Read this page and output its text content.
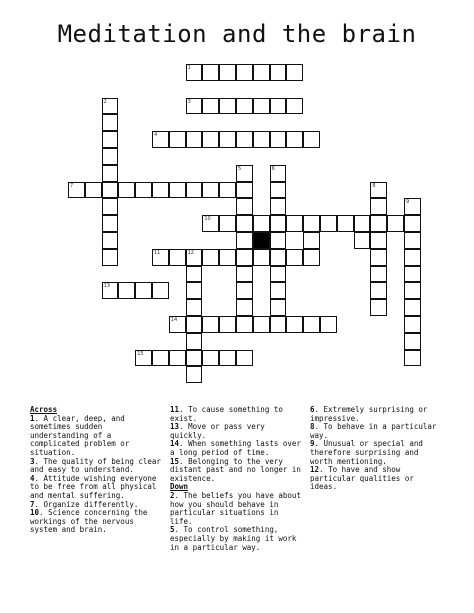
Meditation and the brain
1
3
4
7
10
11	12
13
14
15
2
5	6
8
9
Across
1. A clear, deep, and sometimes sudden understanding of a complicated problem or situation.
3. The quality of being clear and easy to understand.
4. Attitude wishing everyone to be free from all physical and mental suffering.
7. Organize differently.
10. Science concerning the workings of the nervous system and brain.
11. To cause something to exist.
13. Move or pass very quickly.
14. When something lasts over a long period of time.
15. Belonging to the very distant past and no longer in existence.
Down
2. The beliefs you have about how you should behave in particular situations in life.
5. To control something, especially by making it work in a particular way.
6. Extremely surprising or impressive.
8. To behave in a particular way.
9. Unusual or special and therefore surprising and worth mentioning.
12. To have and show particular qualities or ideas.
